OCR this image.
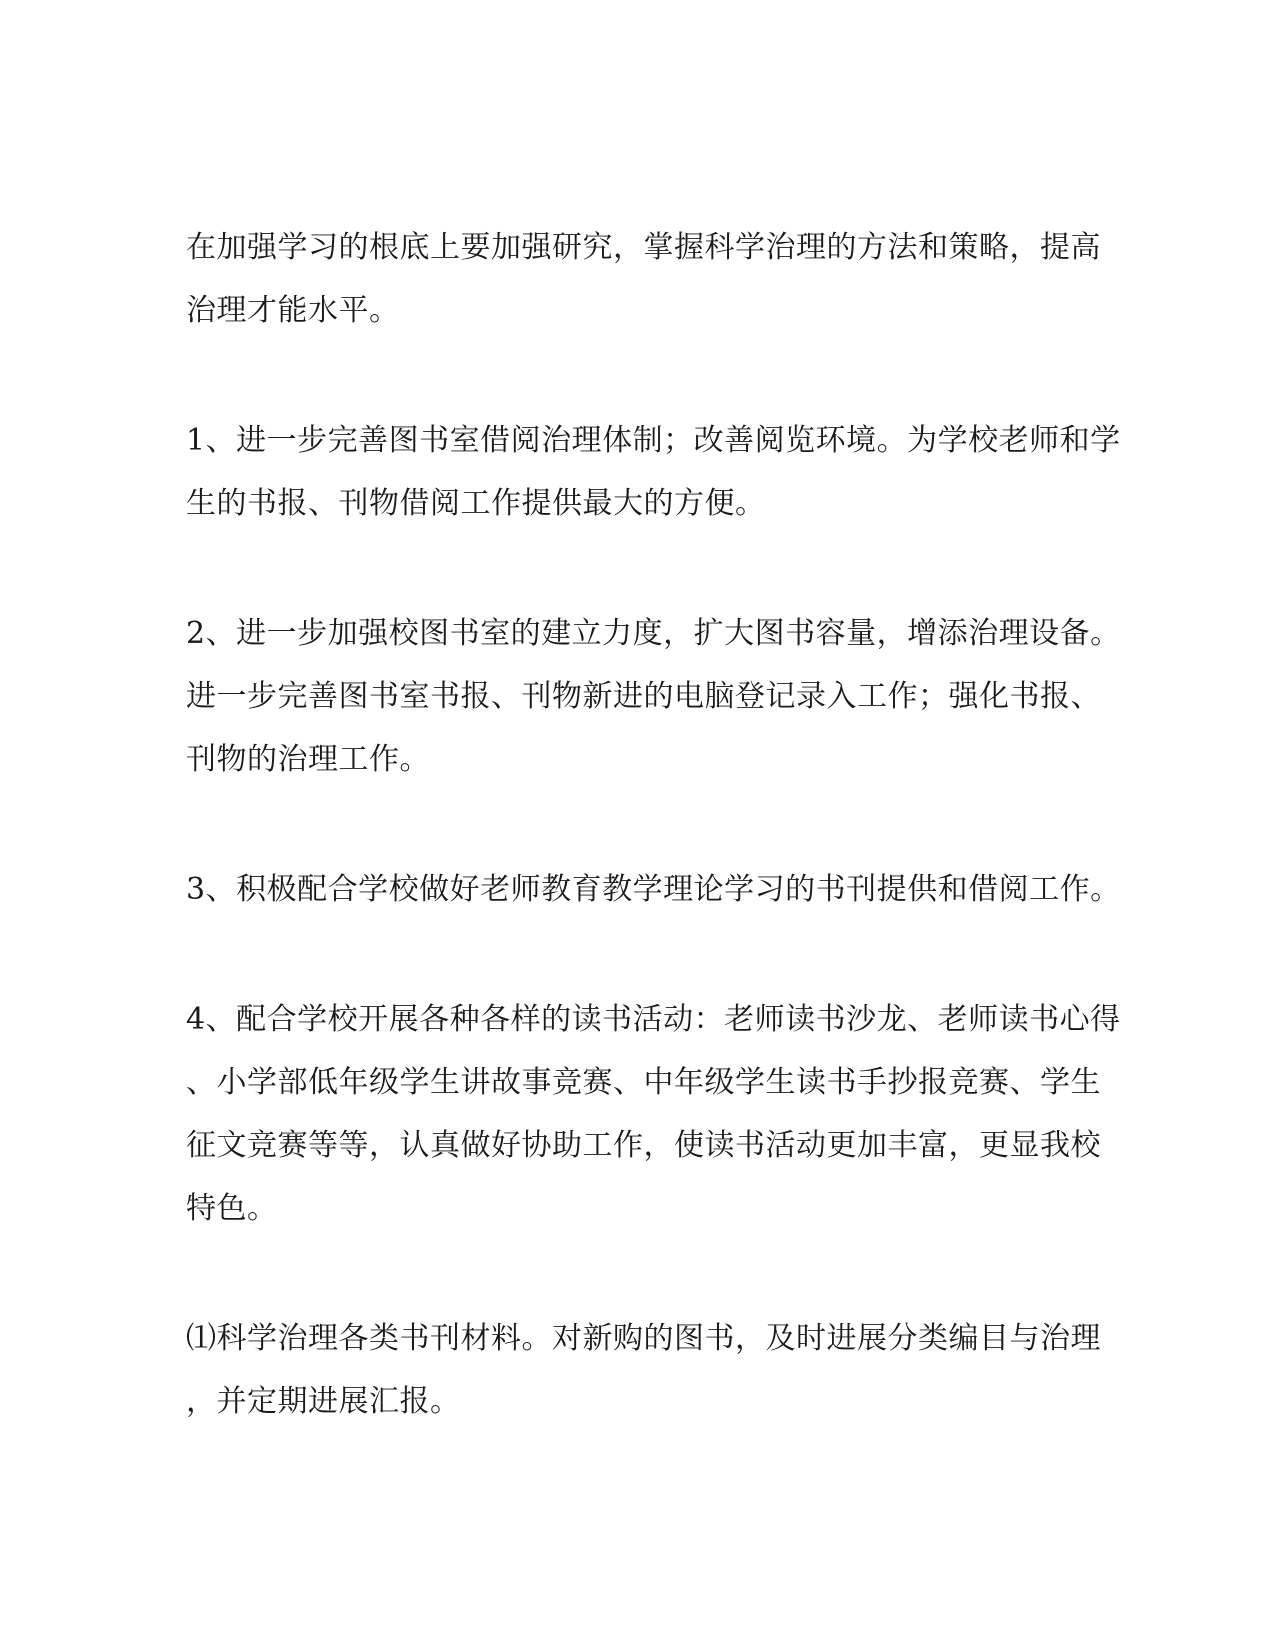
在加强学习的根底上要加强研究，掌握科学治理的方法和策略，提高
治理才能水平。
1、进一步完善图书室借阅治理体制；改善阅览环境。为学校老师和学
生的书报、刊物借阅工作提供最大的方便。
2、进一步加强校图书室的建立力度，扩大图书容量，增添治理设备。
进一步完善图书室书报、刊物新进的电脑登记录入工作；强化书报、
刊物的治理工作。
3、积极配合学校做好老师教育教学理论学习的书刊提供和借阅工作。
4、配合学校开展各种各样的读书活动：老师读书沙龙、老师读书心得
、小学部低年级学生讲故事竞赛、中年级学生读书手抄报竞赛、学生
征文竞赛等等，认真做好协助工作，使读书活动更加丰富，更显我校
特色。
⑴科学治理各类书刊材料。对新购的图书，及时进展分类编目与治理
，并定期进展汇报。
